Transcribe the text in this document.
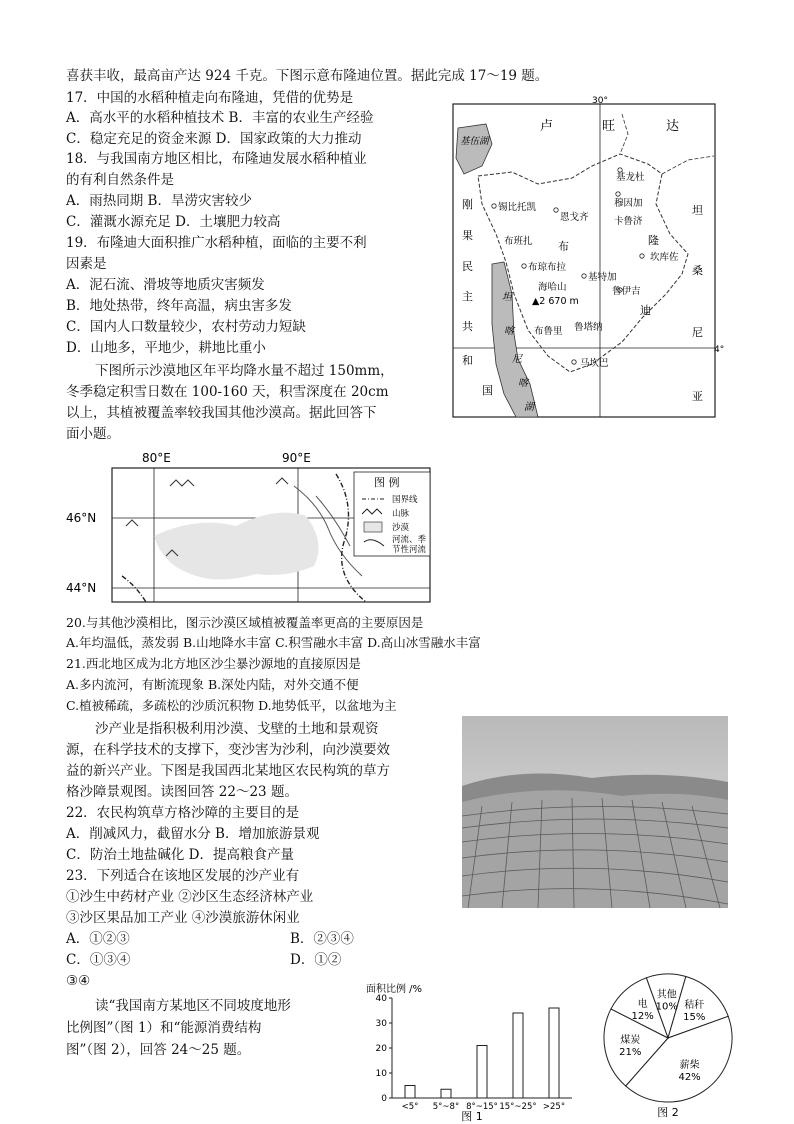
喜获丰收，最高亩产达 924 千克。下图示意布隆迪位置。据此完成 17～19 题。
17．中国的水稻种植走向布隆迪，凭借的优势是
A．高水平的水稻种植技术 B．丰富的农业生产经验
C．稳定充足的资金来源 D．国家政策的大力推动
18．与我国南方地区相比，布隆迪发展水稻种植业
的有利自然条件是
A．雨热同期 B．旱涝灾害较少
C．灌溉水源充足 D．土壤肥力较高
19．布隆迪大面积推广水稻种植，面临的主要不利
因素是
A．泥石流、滑坡等地质灾害频发
B．地处热带，终年高温，病虫害多发
C．国内人口数量较少，农村劳动力短缺
D．山地多，平地少，耕地比重小
下图所示沙漠地区年平均降水量不超过 150mm，
冬季稳定积雪日数在 100-160 天，积雪深度在 20cm
以上，其植被覆盖率较我国其他沙漠高。据此回答下
面小题。
20.与其他沙漠相比，图示沙漠区域植被覆盖率更高的主要原因是
A.年均温低，蒸发弱 B.山地降水丰富 C.积雪融水丰富 D.高山冰雪融水丰富
21.西北地区成为北方地区沙尘暴沙源地的直接原因是
A.多内流河，有断流现象 B.深处内陆，对外交通不便
C.植被稀疏，多疏松的沙质沉积物 D.地势低平，以盆地为主
沙产业是指积极利用沙漠、戈壁的土地和景观资
源，在科学技术的支撑下，变沙害为沙利，向沙漠要效
益的新兴产业。下图是我国西北某地区农民构筑的草方
格沙障景观图。读图回答 22～23 题。
22．农民构筑草方格沙障的主要目的是
A．削减风力，截留水分 B．增加旅游景观
C．防治土地盐碱化 D．提高粮食产量
23．下列适合在该地区发展的沙产业有
①沙生中药材产业 ②沙区生态经济林产业
③沙区果品加工产业 ④沙漠旅游休闲业
A．①②③	B．②③④
C．①③④	D．①②
③④
读“我国南方某地区不同坡度地形
比例图”（图 1）和“能源消费结构
图”（图 2），回答 24～25 题。
30°
卢	旺	达
基伍湖
基龙杜
穆因加
卡鲁济
坦
锡比托凯
恩戈齐
刚
果
民
主
共
和
国
布班扎 布	隆
迪
坎库佐
桑
布琼布拉
基特加
海哈山
▲2 670 m
鲁伊吉
坦
喀
尼
喀
湖
布鲁里 鲁塔纳
马坎巴
尼
亚
4°
80°E	90°E
46°N
44°N
图 例
国界线
山脉
沙漠
河流、季
节性河流
面积比例 /%
0
10
20
30
40
<5° 5°~8° 8°~15° 15°~25° >25°
图 1
其他
10% 秸秆
15%
薪柴
42%
煤炭
21%
电
12%
图 2
